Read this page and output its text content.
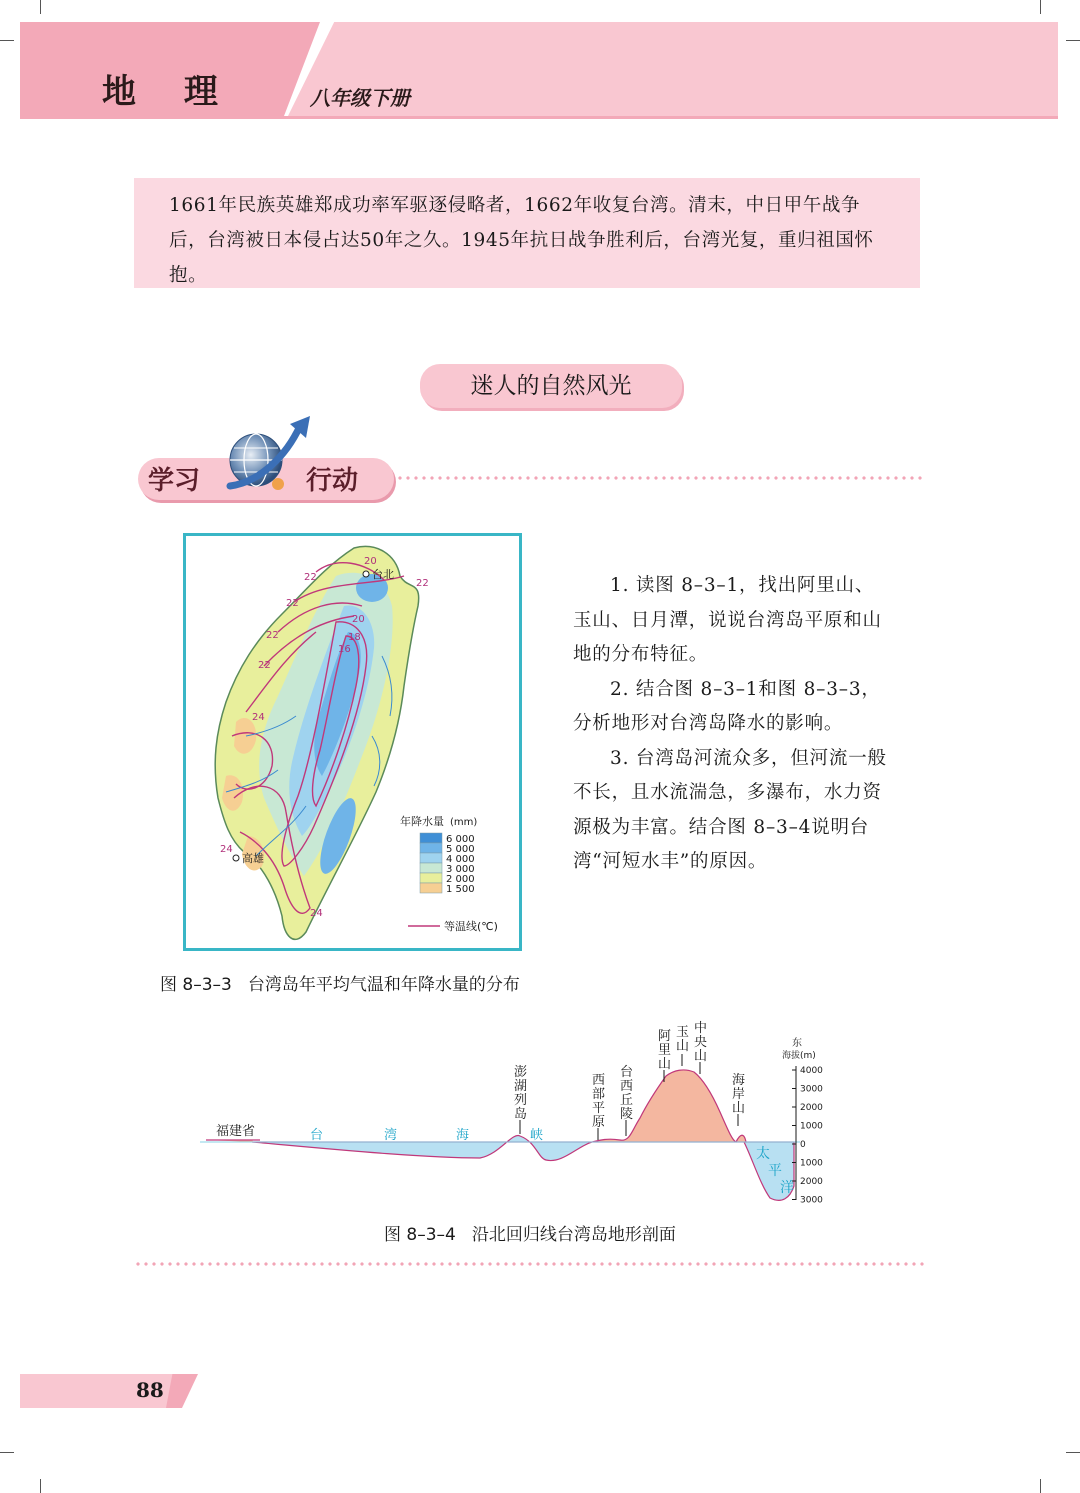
地 理	八年级下册
1661年民族英雄郑成功率军驱逐侵略者，1662年收复台湾。清末，中日甲午战争后，台湾被日本侵占达50年之久。1945年抗日战争胜利后，台湾光复，重归祖国怀抱。
迷人的自然风光
学习	行动
20
22
22
22
22
22
20
18
16
24
24
24
台北
高雄
年降水量 (mm)
6 000
5 000
4 000
3 000
2 000
1 500
等温线(℃)
图 8–3–3 台湾岛年平均气温和年降水量的分布

1. 读图 8–3–1，找出阿里山、玉山、日月潭，说说台湾岛平原和山地的分布特征。

2. 结合图 8–3–1和图 8–3–3，分析地形对台湾岛降水的影响。

3. 台湾岛河流众多，但河流一般不长，且水流湍急，多瀑布，水力资源极为丰富。结合图 8–3–4说明台湾“河短水丰”的原因。

福建省	台	湾	海	峡
澎湖列岛
西部平原
台西丘陵
阿里山
玉山
中央山
海岸山
太平洋
东
海拔(m)
4000
3000
2000
1000
0
1000
2000
3000
图 8–3–4 沿北回归线台湾岛地形剖面
88
